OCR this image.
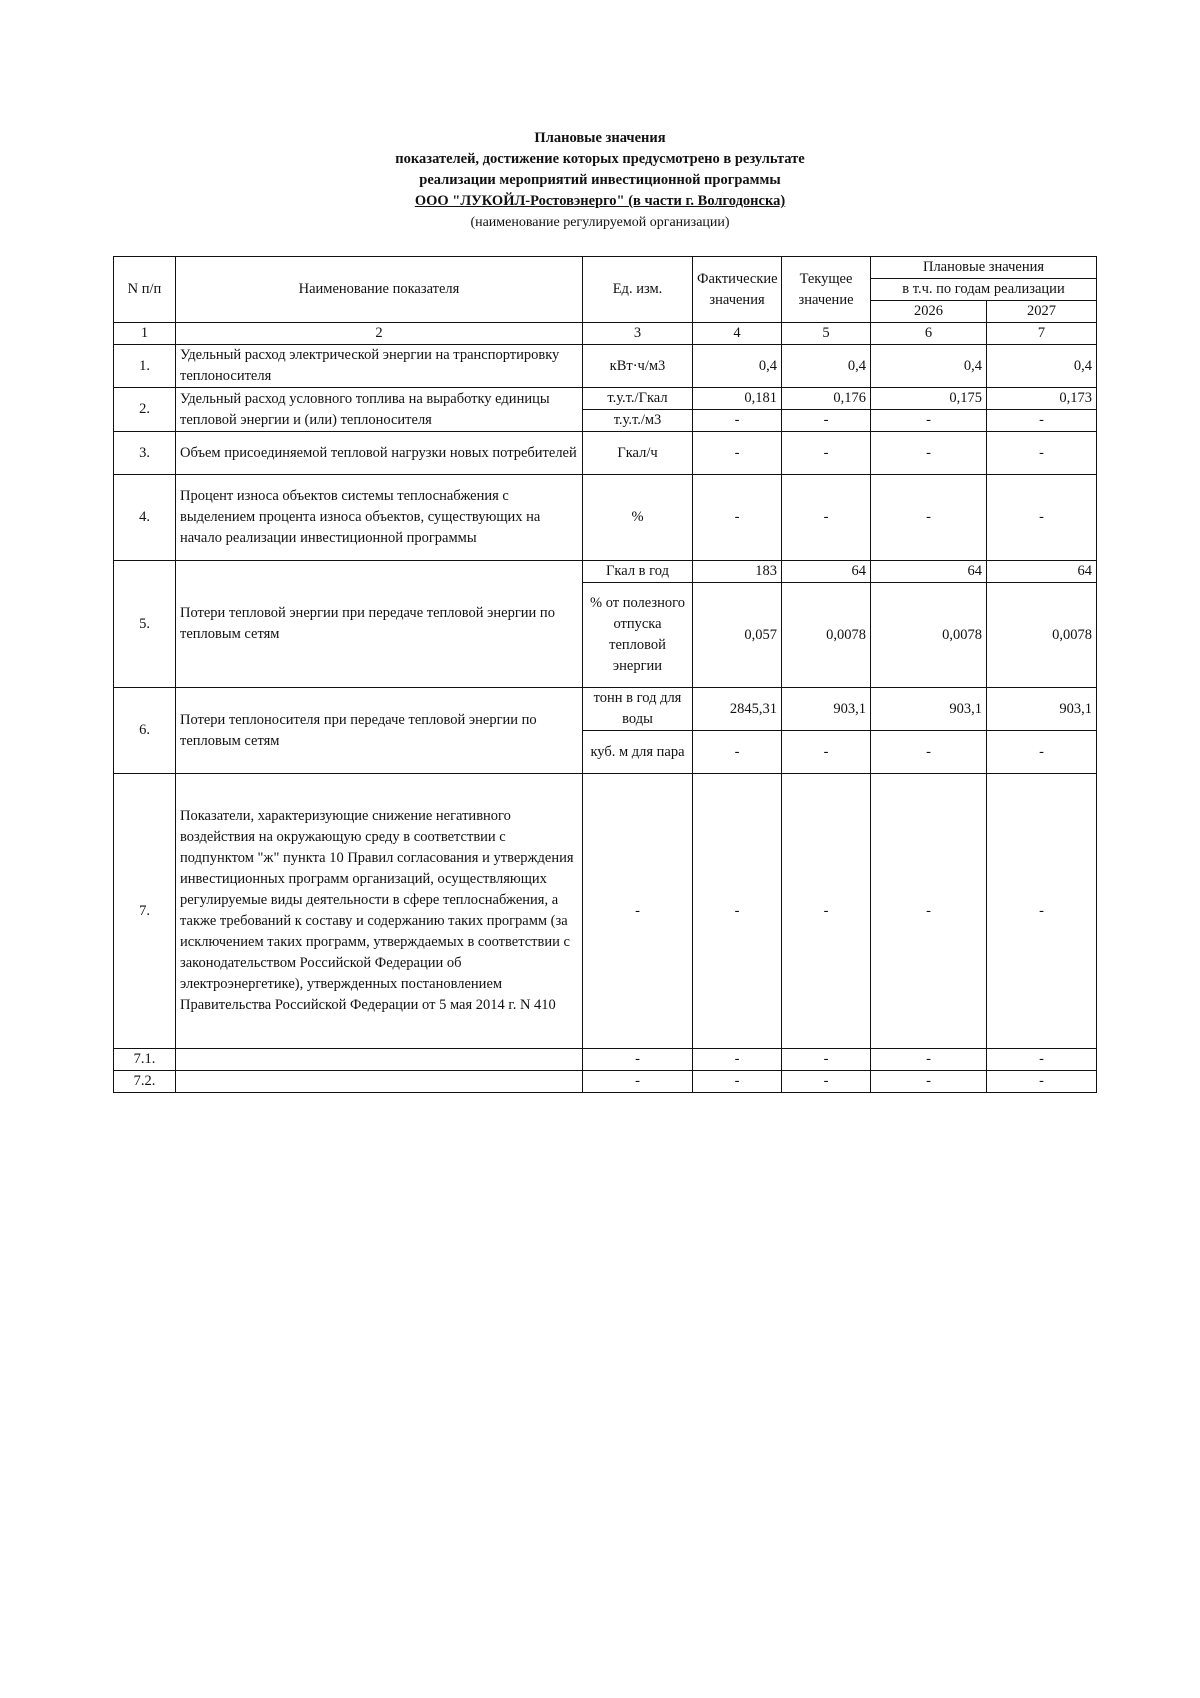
Плановые значения
показателей, достижение которых предусмотрено в результате
реализации мероприятий инвестиционной программы
ООО "ЛУКОЙЛ-Ростовэнерго" (в части г. Волгодонска)
(наименование регулируемой организации)
N п/п	Наименование показателя	Ед. изм.	Фактические значения	Текущее значение	Плановые значения	
					в т.ч. по годам реализации	
					2026	2027
1	2	3	4	5	6	7
1.	Удельный расход электрической энергии на транспортировку теплоносителя	кВт·ч/м3	0,4	0,4	0,4	0,4
2.	Удельный расход условного топлива на выработку единицы тепловой энергии и (или) теплоносителя	т.у.т./Гкал	0,181	0,176	0,175	0,173
		т.у.т./м3	-	-	-	-
3.	Объем присоединяемой тепловой нагрузки новых потребителей	Гкал/ч	-	-	-	-
4.	Процент износа объектов системы теплоснабжения с выделением процента износа объектов, существующих на начало реализации инвестиционной программы	%	-	-	-	-
5.	Потери тепловой энергии при передаче тепловой энергии по тепловым сетям	Гкал в год	183	64	64	64
		% от полезного отпуска тепловой энергии	0,057	0,0078	0,0078	0,0078
6.	Потери теплоносителя при передаче тепловой энергии по тепловым сетям	тонн в год для воды	2845,31	903,1	903,1	903,1
		куб. м для пара	-	-	-	-
7.	Показатели, характеризующие снижение негативного воздействия на окружающую среду в соответствии с подпунктом "ж" пункта 10 Правил согласования и утверждения инвестиционных программ организаций, осуществляющих регулируемые виды деятельности в сфере теплоснабжения, а также требований к составу и содержанию таких программ (за исключением таких программ, утверждаемых в соответствии с законодательством Российской Федерации об электроэнергетике), утвержденных постановлением Правительства Российской Федерации от 5 мая 2014 г. N 410	-	-	-	-	-
7.1.		-	-	-	-	-
7.2.		-	-	-	-	-
